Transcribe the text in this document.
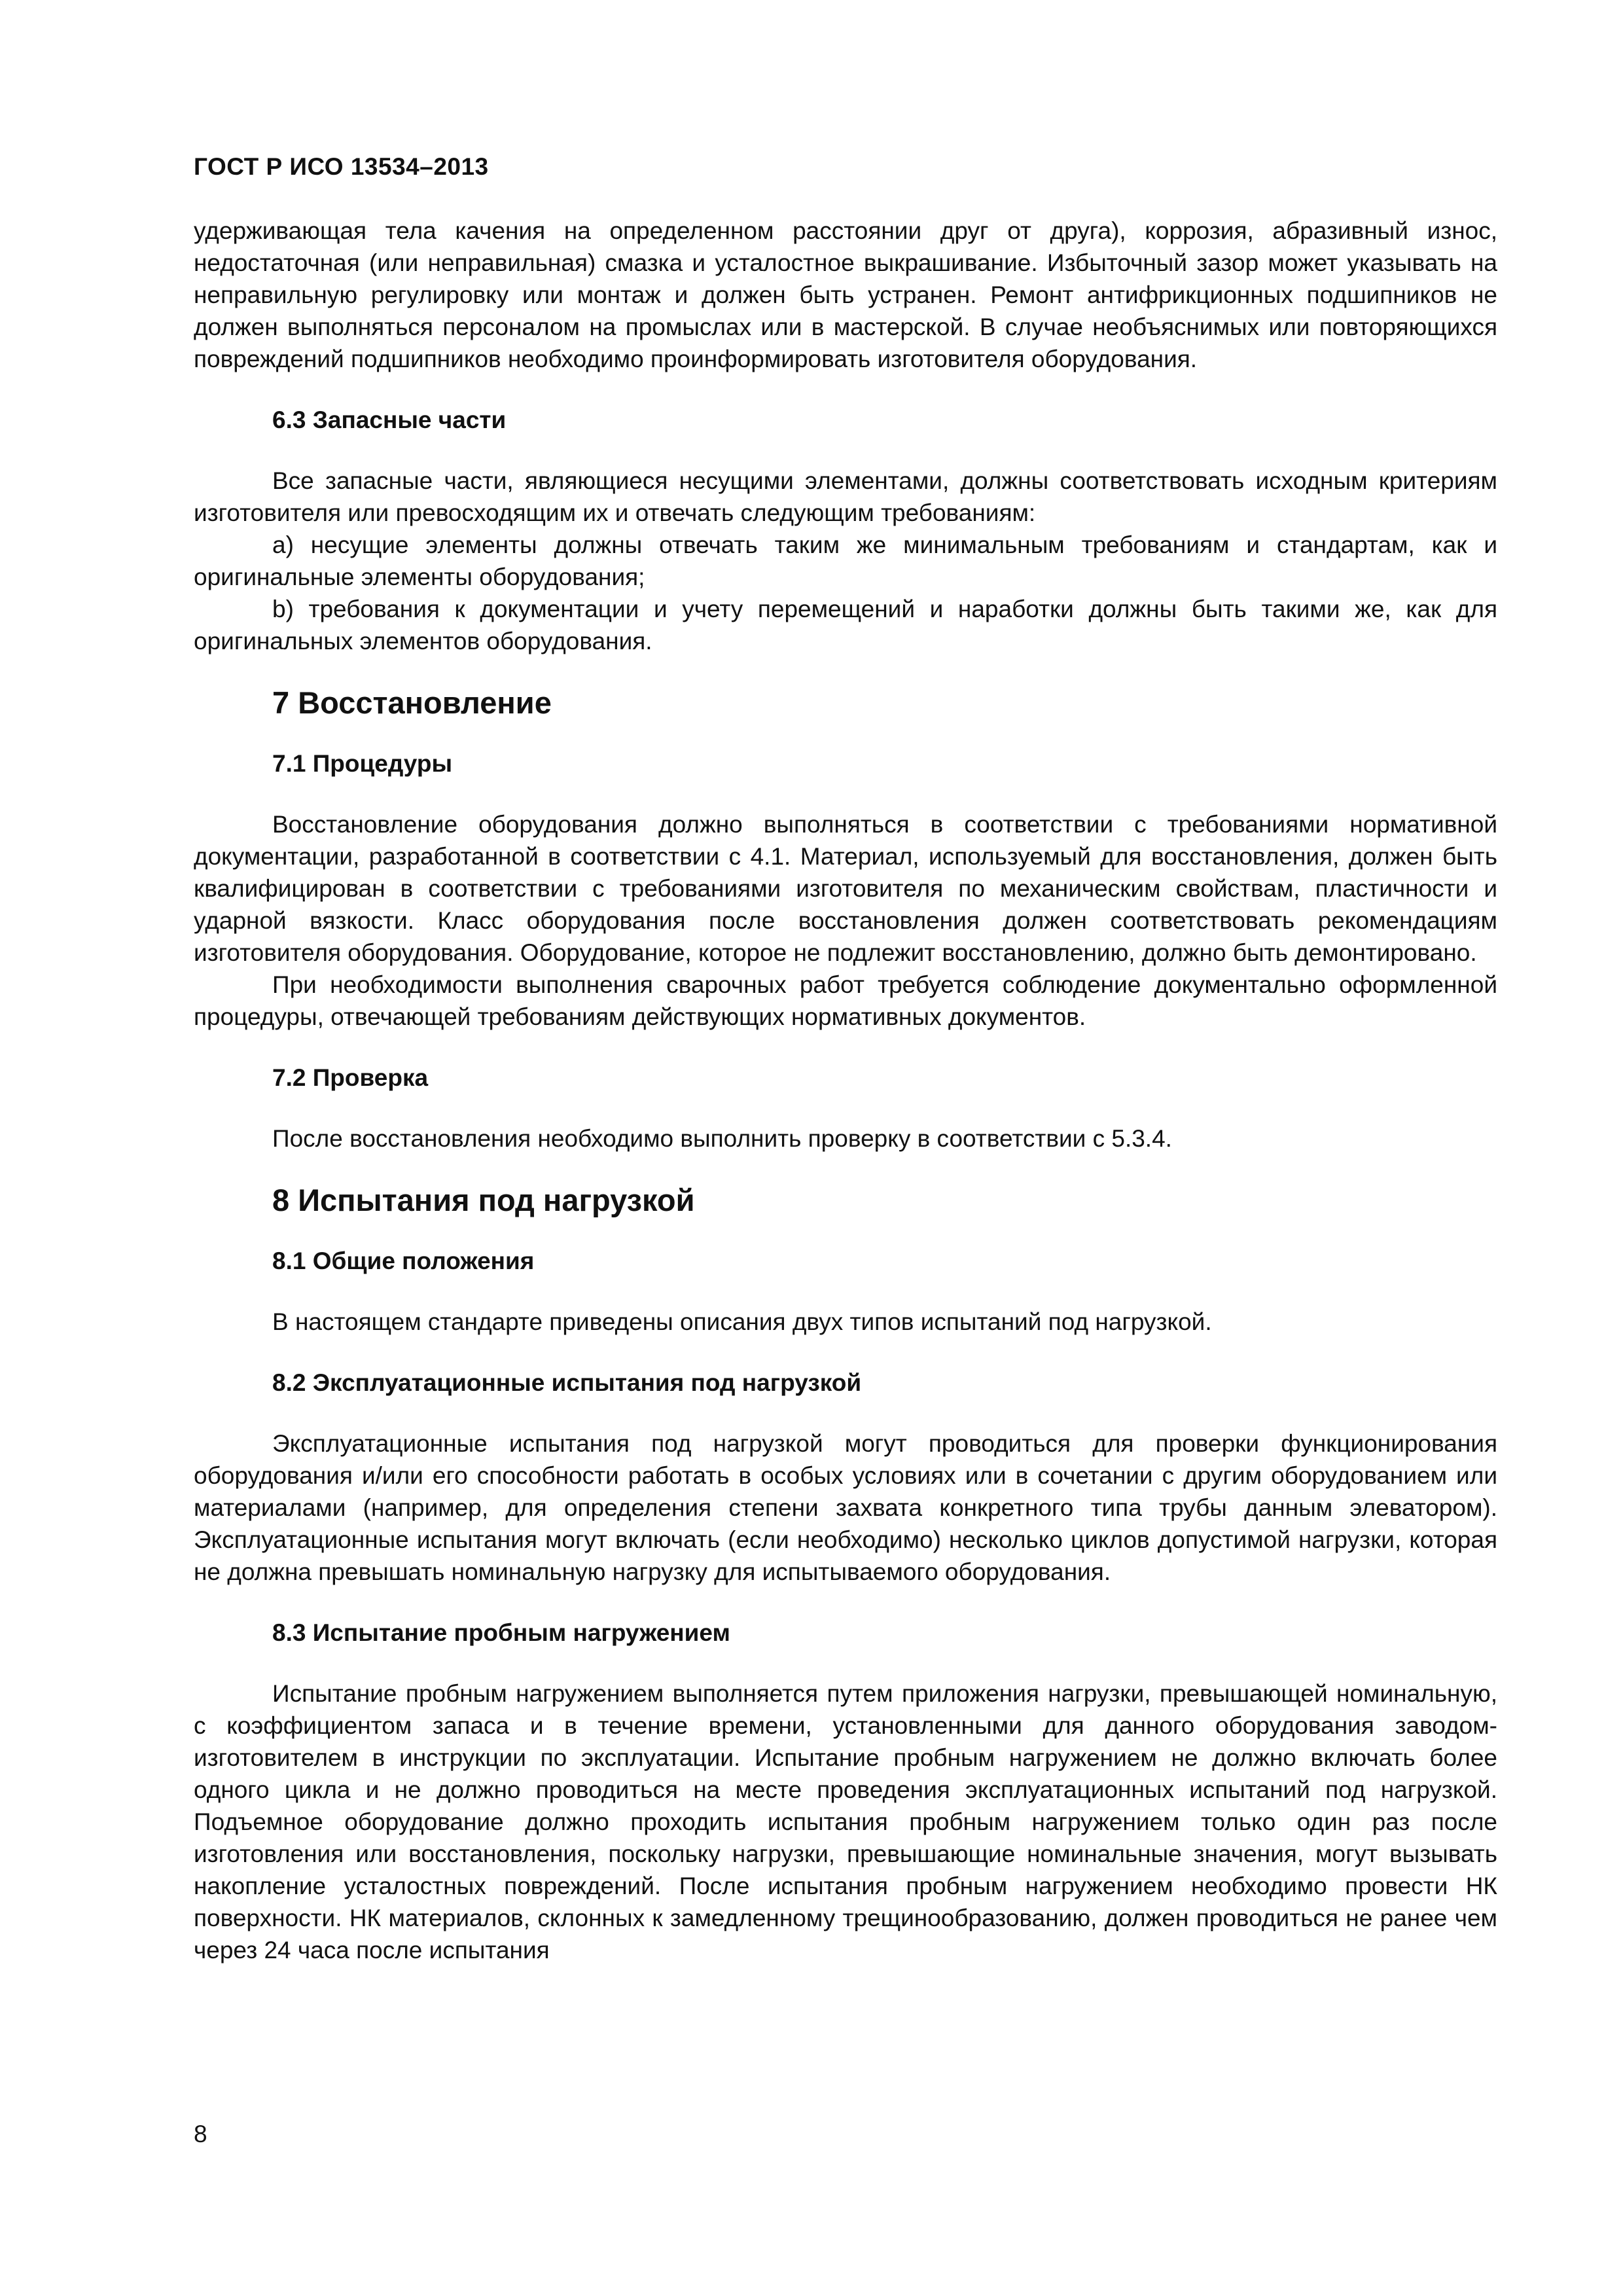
ГОСТ Р ИСО 13534–2013

удерживающая тела качения на определенном расстоянии друг от друга), коррозия, абразивный износ, недостаточная (или неправильная) смазка и усталостное выкрашивание. Избыточный зазор может указывать на неправильную регулировку или монтаж и должен быть устранен. Ремонт антифрикционных подшипников не должен выполняться персоналом на промыслах или в мастерской. В случае необъяснимых или повторяющихся повреждений подшипников необходимо проинформировать изготовителя оборудования.

6.3 Запасные части

Все запасные части, являющиеся несущими элементами, должны соответствовать исходным критериям изготовителя или превосходящим их и отвечать следующим требованиям:

a) несущие элементы должны отвечать таким же минимальным требованиям и стандартам, как и оригинальные элементы оборудования;

b) требования к документации и учету перемещений и наработки должны быть такими же, как для оригинальных элементов оборудования.

7 Восстановление

7.1 Процедуры

Восстановление оборудования должно выполняться в соответствии с требованиями нормативной документации, разработанной в соответствии с 4.1. Материал, используемый для восстановления, должен быть квалифицирован в соответствии с требованиями изготовителя по механическим свойствам, пластичности и ударной вязкости. Класс оборудования после восстановления должен соответствовать рекомендациям изготовителя оборудования. Оборудование, которое не подлежит восстановлению, должно быть демонтировано.

При необходимости выполнения сварочных работ требуется соблюдение документально оформленной процедуры, отвечающей требованиям действующих нормативных документов.

7.2 Проверка

После восстановления необходимо выполнить проверку в соответствии с 5.3.4.

8 Испытания под нагрузкой

8.1 Общие положения

В настоящем стандарте приведены описания двух типов испытаний под нагрузкой.

8.2 Эксплуатационные испытания под нагрузкой

Эксплуатационные испытания под нагрузкой могут проводиться для проверки функционирования оборудования и/или его способности работать в особых условиях или в сочетании с другим оборудованием или материалами (например, для определения степени захвата конкретного типа трубы данным элеватором). Эксплуатационные испытания могут включать (если необходимо) несколько циклов допустимой нагрузки, которая не должна превышать номинальную нагрузку для испытываемого оборудования.

8.3 Испытание пробным нагружением

Испытание пробным нагружением выполняется путем приложения нагрузки, превышающей номинальную, с коэффициентом запаса и в течение времени, установленными для данного оборудования заводом-изготовителем в инструкции по эксплуатации. Испытание пробным нагружением не должно включать более одного цикла и не должно проводиться на месте проведения эксплуатационных испытаний под нагрузкой. Подъемное оборудование должно проходить испытания пробным нагружением только один раз после изготовления или восстановления, поскольку нагрузки, превышающие номинальные значения, могут вызывать накопление усталостных повреждений. После испытания пробным нагружением необходимо провести НК поверхности. НК материалов, склонных к замедленному трещинообразованию, должен проводиться не ранее чем через 24 часа после испытания

8
